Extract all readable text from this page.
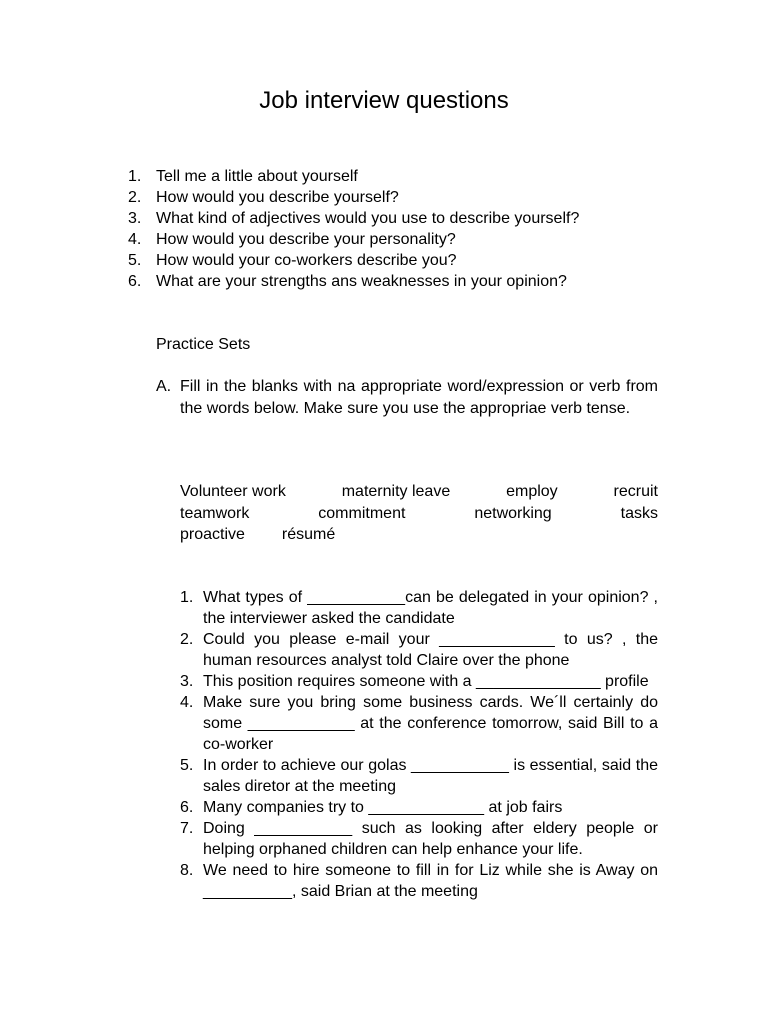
Job interview questions
1. Tell me a little about yourself
2. How would you describe yourself?
3. What kind of adjectives would you use to describe yourself?
4. How would you describe your personality?
5. How would your co-workers describe you?
6. What are your strengths ans weaknesses in your opinion?
Practice Sets
A. Fill in the blanks with na appropriate word/expression or verb from the words below. Make sure you use the appropriae verb tense.
Volunteer work	maternity leave	employ	recruit
teamwork	commitment	networking	tasks
proactive résumé
1. What types of ___________can be delegated in your opinion? , the interviewer asked the candidate
2. Could you please e-mail your _____________ to us? , the human resources analyst told Claire over the phone
3. This position requires someone with a ______________ profile
4. Make sure you bring some business cards. We´ll certainly do some ____________ at the conference tomorrow, said Bill to a co-worker
5. In order to achieve our golas ___________ is essential, said the sales diretor at the meeting
6. Many companies try to _____________ at job fairs
7. Doing ___________ such as looking after eldery people or helping orphaned children can help enhance your life.
8. We need to hire someone to fill in for Liz while she is Away on __________, said Brian at the meeting
